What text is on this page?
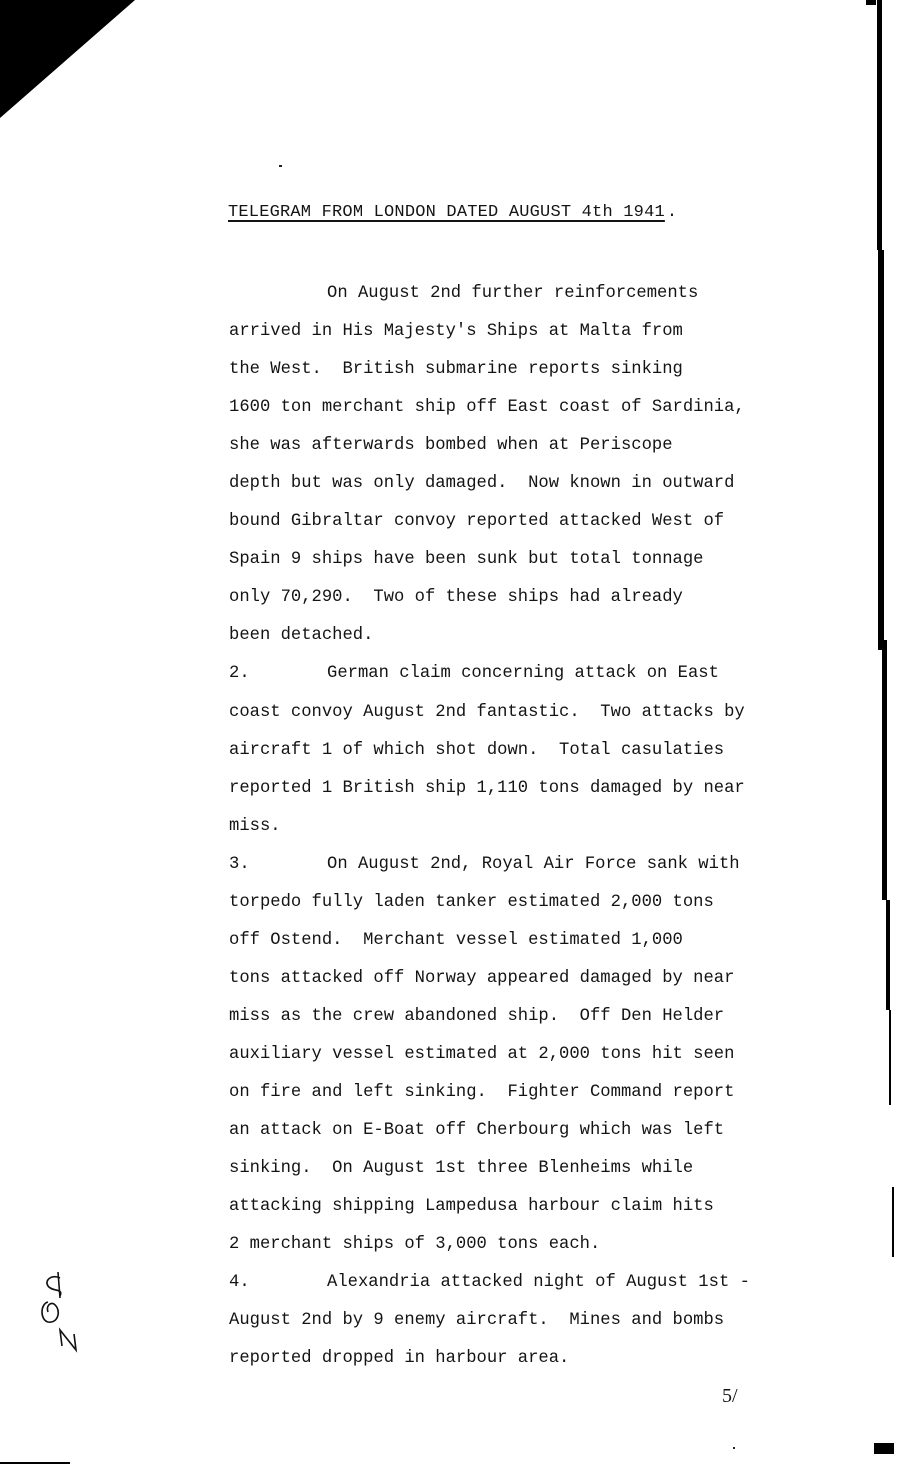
TELEGRAM FROM LONDON DATED AUGUST 4th 1941 .
On August 2nd further reinforcements
arrived in His Majesty's Ships at Malta from
the West.  British submarine reports sinking
1600 ton merchant ship off East coast of Sardinia,
she was afterwards bombed when at Periscope
depth but was only damaged.  Now known in outward
bound Gibraltar convoy reported attacked West of
Spain 9 ships have been sunk but total tonnage
only 70,290.  Two of these ships had already
been detached.
2.	German claim concerning attack on East
coast convoy August 2nd fantastic.  Two attacks by
aircraft 1 of which shot down.  Total casulaties
reported 1 British ship 1,110 tons damaged by near
miss.
3.	On August 2nd, Royal Air Force sank with
torpedo fully laden tanker estimated 2,000 tons
off Ostend.  Merchant vessel estimated 1,000
tons attacked off Norway appeared damaged by near
miss as the crew abandoned ship.  Off Den Helder
auxiliary vessel estimated at 2,000 tons hit seen
on fire and left sinking.  Fighter Command report
an attack on E-Boat off Cherbourg which was left
sinking.  On August 1st three Blenheims while
attacking shipping Lampedusa harbour claim hits
2 merchant ships of 3,000 tons each.
4.	Alexandria attacked night of August 1st -
August 2nd by 9 enemy aircraft.  Mines and bombs
reported dropped in harbour area.
5/
